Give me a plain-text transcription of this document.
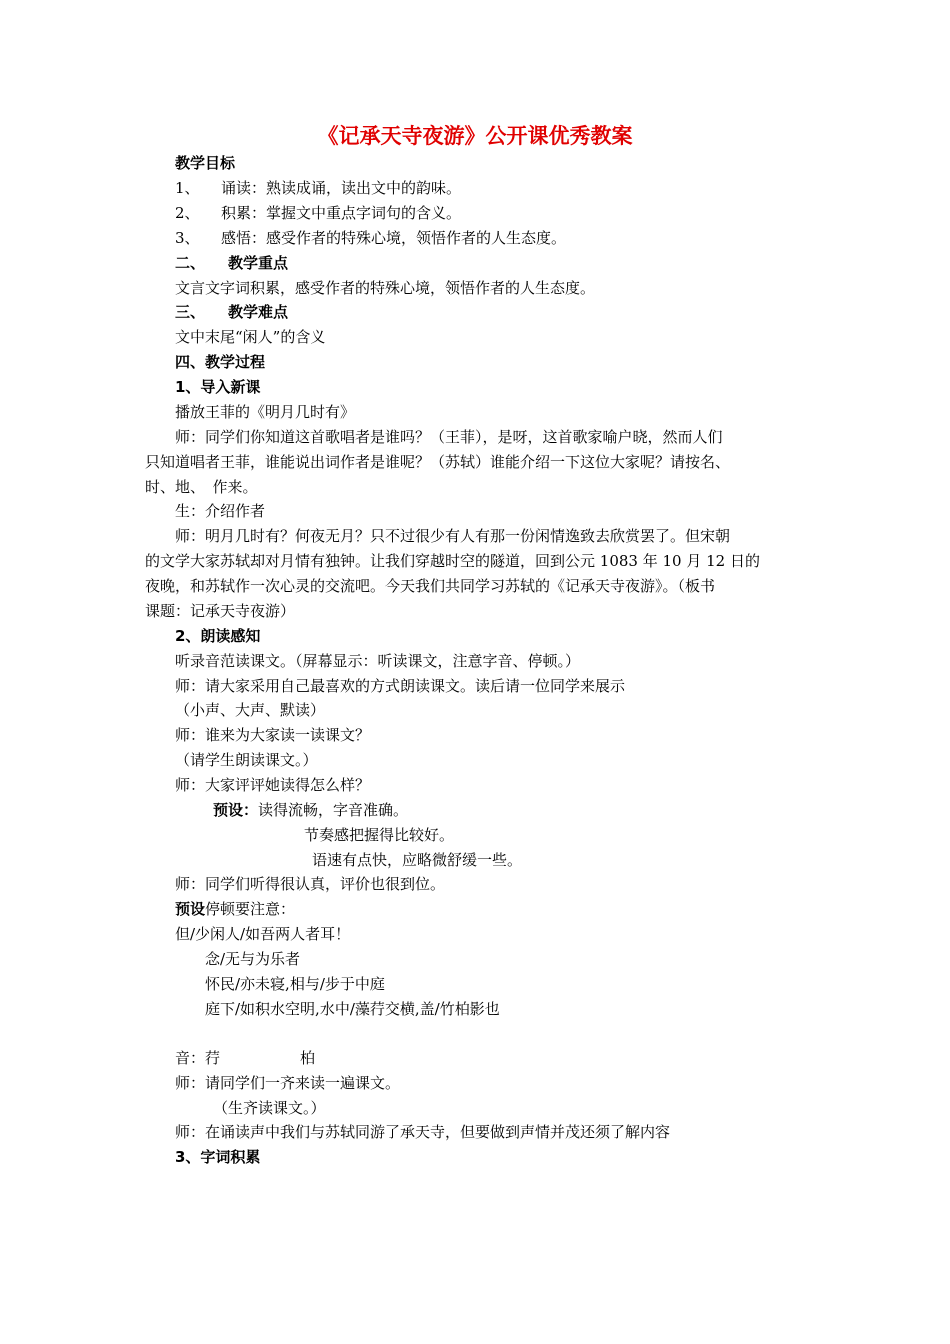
《记承天寺夜游》公开课优秀教案
教学目标
1、 诵读：熟读成诵，读出文中的韵味。
2、 积累：掌握文中重点字词句的含义。
3、 感悟：感受作者的特殊心境，领悟作者的人生态度。
二、 教学重点
文言文字词积累，感受作者的特殊心境，领悟作者的人生态度。
三、 教学难点
文中末尾“闲人”的含义
四、教学过程
1、导入新课
播放王菲的《明月几时有》
师：同学们你知道这首歌唱者是谁吗？（王菲），是呀，这首歌家喻户晓，然而人们
只知道唱者王菲，谁能说出词作者是谁呢？（苏轼）谁能介绍一下这位大家呢？请按名、
时、地、　作来。
生：介绍作者
师：明月几时有？何夜无月？只不过很少有人有那一份闲情逸致去欣赏罢了。但宋朝
的文学大家苏轼却对月情有独钟。让我们穿越时空的隧道，回到公元 1083 年 10 月 12 日的
夜晚，和苏轼作一次心灵的交流吧。今天我们共同学习苏轼的《记承天寺夜游》。（板书
课题：记承天寺夜游）
2、朗读感知
听录音范读课文。（屏幕显示：听读课文，注意字音、停顿。）
师：请大家采用自己最喜欢的方式朗读课文。读后请一位同学来展示
（小声、大声、默读）
师：谁来为大家读一读课文？
（请学生朗读课文。）
师：大家评评她读得怎么样？
预设：读得流畅，字音准确。
节奏感把握得比较好。
语速有点快，应略微舒缓一些。
师：同学们听得很认真，评价也很到位。
预设停顿要注意：
但/少闲人/如吾两人者耳！
念/无与为乐者
怀民/亦未寝,相与/步于中庭
庭下/如积水空明,水中/藻荇交横,盖/竹柏影也
音：荇	柏
师：请同学们一齐来读一遍课文。
（生齐读课文。）
师：在诵读声中我们与苏轼同游了承天寺，但要做到声情并茂还须了解内容
3、字词积累
